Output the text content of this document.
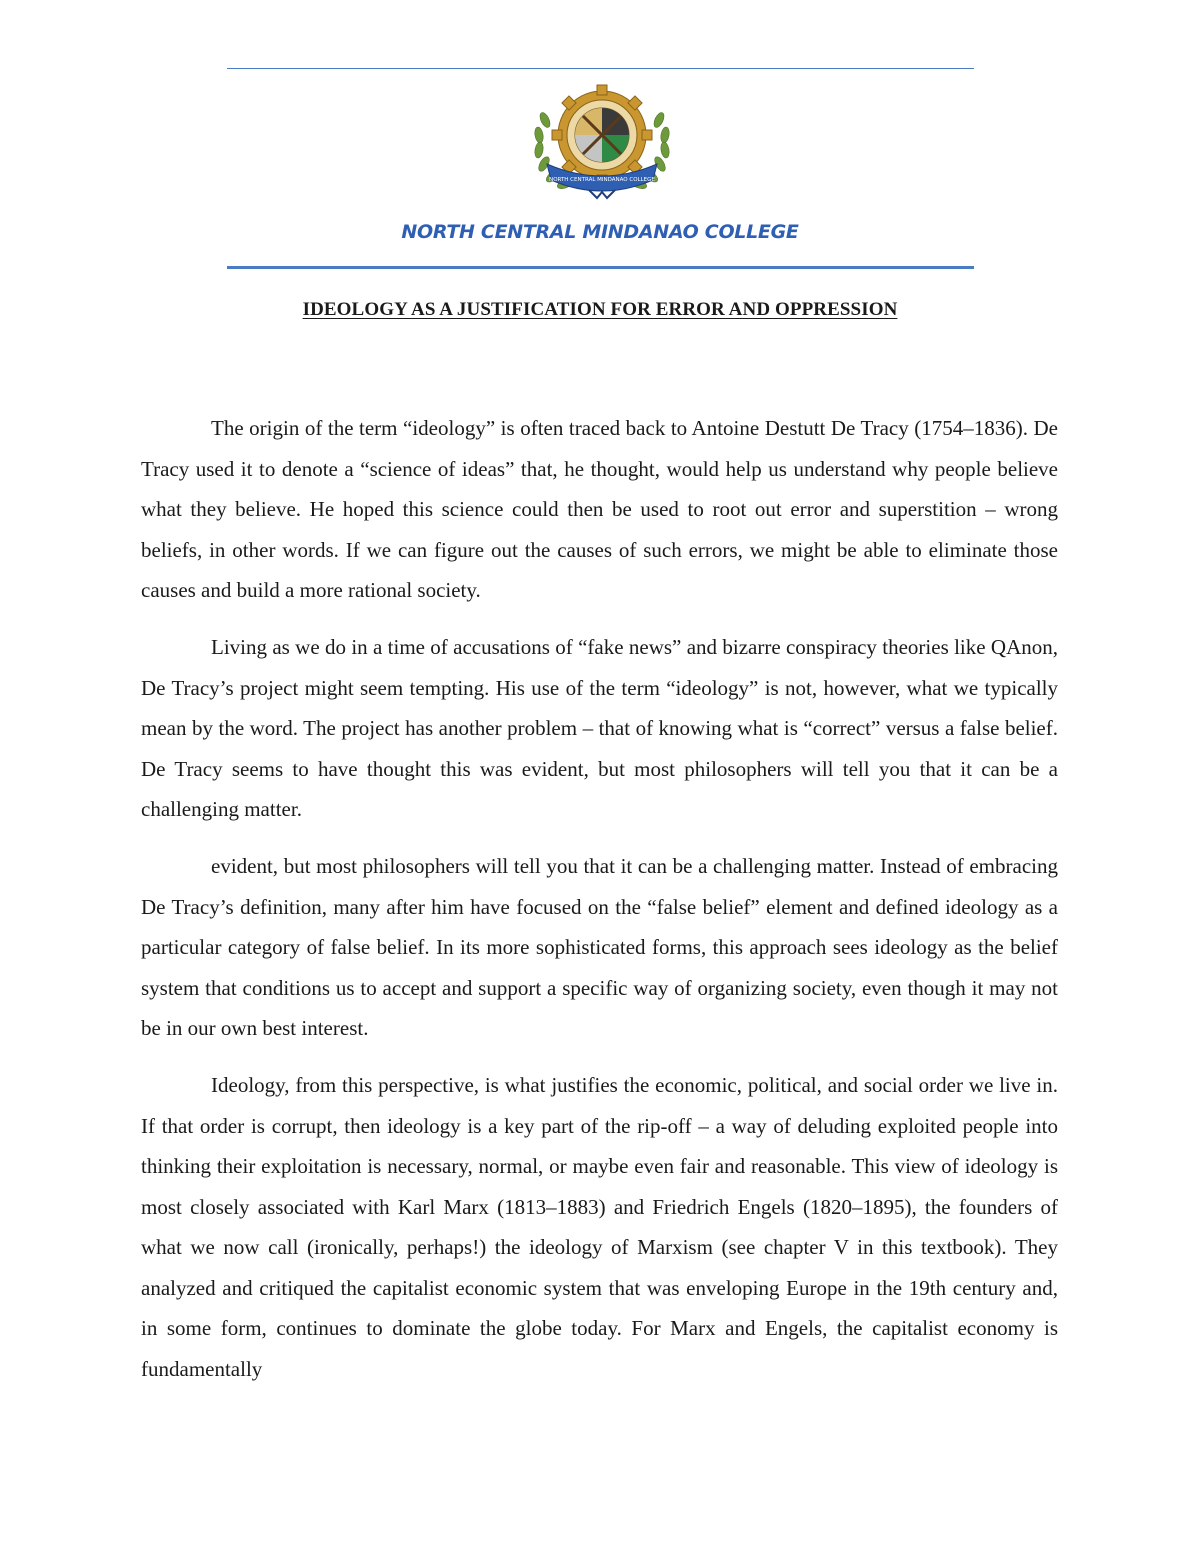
NORTH CENTRAL MINDANAO COLLEGE
NORTH CENTRAL MINDANAO COLLEGE
IDEOLOGY AS A JUSTIFICATION FOR ERROR AND OPPRESSION

The origin of the term “ideology” is often traced back to Antoine Destutt De Tracy (1754–1836). De Tracy used it to denote a “science of ideas” that, he thought, would help us understand why people believe what they believe. He hoped this science could then be used to root out error and superstition – wrong beliefs, in other words. If we can figure out the causes of such errors, we might be able to eliminate those causes and build a more rational society.

Living as we do in a time of accusations of “fake news” and bizarre conspiracy theories like QAnon, De Tracy’s project might seem tempting. His use of the term “ideology” is not, however, what we typically mean by the word. The project has another problem – that of knowing what is “correct” versus a false belief. De Tracy seems to have thought this was evident, but most philosophers will tell you that it can be a challenging matter.

evident, but most philosophers will tell you that it can be a challenging matter. Instead of embracing De Tracy’s definition, many after him have focused on the “false belief” element and defined ideology as a particular category of false belief. In its more sophisticated forms, this approach sees ideology as the belief system that conditions us to accept and support a specific way of organizing society, even though it may not be in our own best interest.

Ideology, from this perspective, is what justifies the economic, political, and social order we live in. If that order is corrupt, then ideology is a key part of the rip-off – a way of deluding exploited people into thinking their exploitation is necessary, normal, or maybe even fair and reasonable. This view of ideology is most closely associated with Karl Marx (1813–1883) and Friedrich Engels (1820–1895), the founders of what we now call (ironically, perhaps!) the ideology of Marxism (see chapter V in this textbook). They analyzed and critiqued the capitalist economic system that was enveloping Europe in the 19th century and, in some form, continues to dominate the globe today. For Marx and Engels, the capitalist economy is fundamentally
